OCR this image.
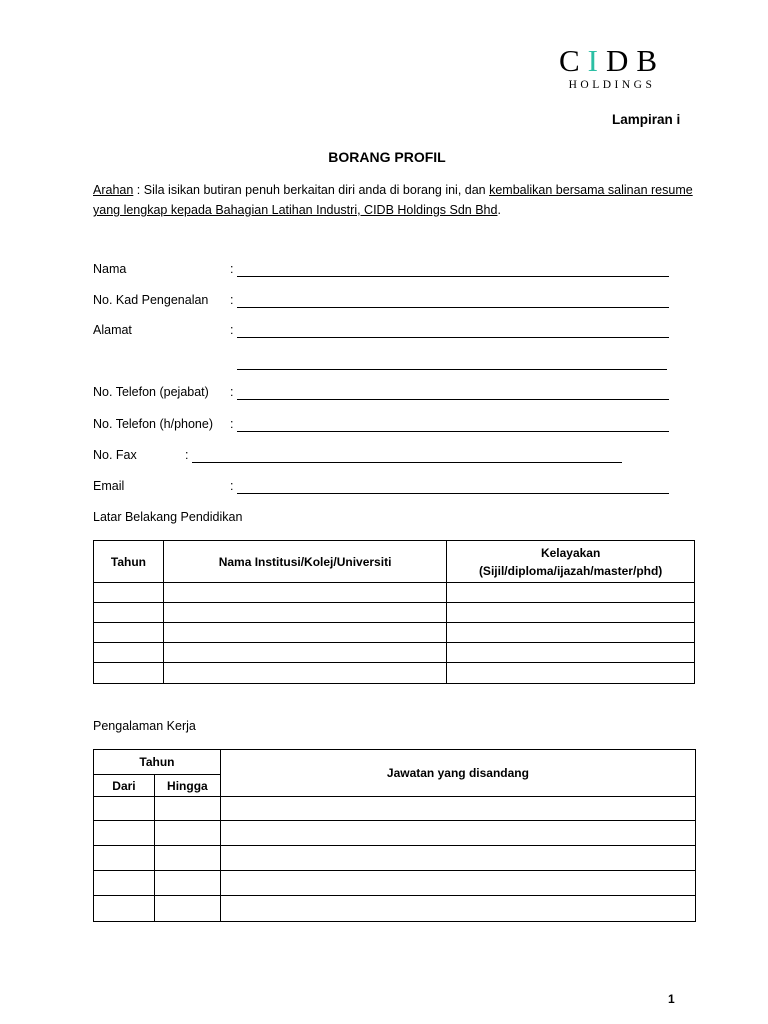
CIDB
HOLDINGS
Lampiran i
BORANG PROFIL
Arahan : Sila isikan butiran penuh berkaitan diri anda di borang ini, dan kembalikan bersama salinan resume yang lengkap kepada Bahagian Latihan Industri, CIDB Holdings Sdn Bhd.
Nama	:
No. Kad Pengenalan :
Alamat	:
No. Telefon (pejabat) :
No. Telefon (h/phone) :
No. Fax	:
Email	:
Latar Belakang Pendidikan
Tahun	Nama Institusi/Kolej/Universiti	Kelayakan
(Sijil/diploma/ijazah/master/phd)

Pengalaman Kerja
Tahun		Jawatan yang disandang
Dari	Hingga	

1
